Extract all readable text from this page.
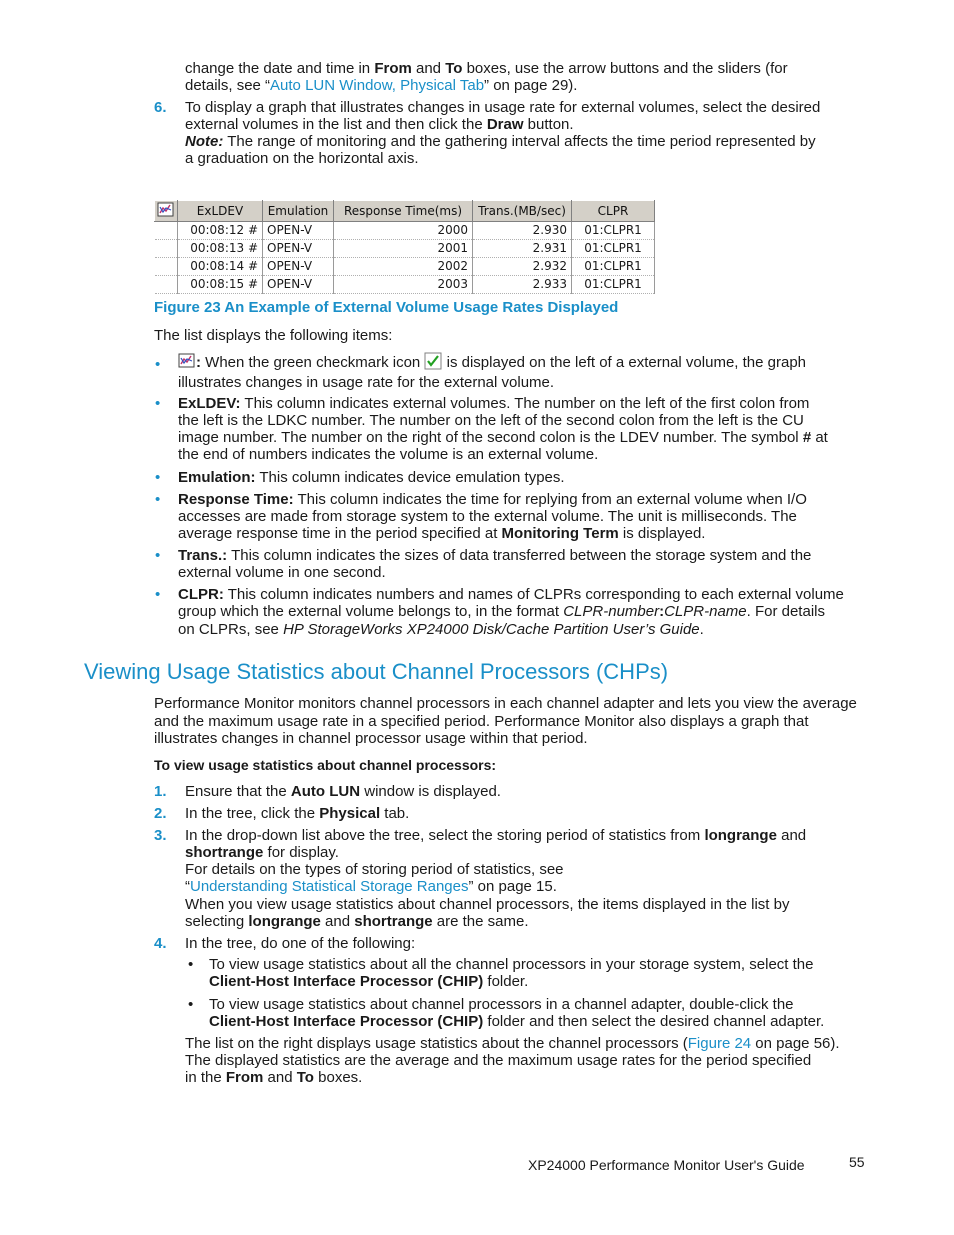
change the date and time in From and To boxes, use the arrow buttons and the sliders (for
details, see “Auto LUN Window, Physical Tab” on page 29).
6. To display a graph that illustrates changes in usage rate for external volumes, select the desired
external volumes in the list and then click the Draw button.
Note: The range of monitoring and the gathering interval affects the time period represented by
a graduation on the horizontal axis.
	ExLDEV	Emulation	Response Time(ms)	Trans.(MB/sec)	CLPR
	00:08:12 #	OPEN-V	2000	2.930	01:CLPR1
	00:08:13 #	OPEN-V	2001	2.931	01:CLPR1
	00:08:14 #	OPEN-V	2002	2.932	01:CLPR1
	00:08:15 #	OPEN-V	2003	2.933	01:CLPR1
Figure 23 An Example of External Volume Usage Rates Displayed
The list displays the following items:
•	: When the green checkmark icon  is displayed on the left of a external volume, the graph
illustrates changes in usage rate for the external volume.
• ExLDEV: This column indicates external volumes. The number on the left of the first colon from
the left is the LDKC number. The number on the left of the second colon from the left is the CU
image number. The number on the right of the second colon is the LDEV number. The symbol # at
the end of numbers indicates the volume is an external volume.
• Emulation: This column indicates device emulation types.
• Response Time: This column indicates the time for replying from an external volume when I/O
accesses are made from storage system to the external volume. The unit is milliseconds. The
average response time in the period specified at Monitoring Term is displayed.
• Trans.: This column indicates the sizes of data transferred between the storage system and the
external volume in one second.
• CLPR: This column indicates numbers and names of CLPRs corresponding to each external volume
group which the external volume belongs to, in the format CLPR-number:CLPR-name. For details
on CLPRs, see HP StorageWorks XP24000 Disk/Cache Partition User’s Guide.
Viewing Usage Statistics about Channel Processors (CHPs)
Performance Monitor monitors channel processors in each channel adapter and lets you view the average
and the maximum usage rate in a specified period. Performance Monitor also displays a graph that
illustrates changes in channel processor usage within that period.
To view usage statistics about channel processors:
1. Ensure that the Auto LUN window is displayed.
2. In the tree, click the Physical tab.
3. In the drop-down list above the tree, select the storing period of statistics from longrange and
shortrange for display.
For details on the types of storing period of statistics, see
“Understanding Statistical Storage Ranges” on page 15.
When you view usage statistics about channel processors, the items displayed in the list by
selecting longrange and shortrange are the same.
4. In the tree, do one of the following:
• To view usage statistics about all the channel processors in your storage system, select the
Client-Host Interface Processor (CHIP) folder.
• To view usage statistics about channel processors in a channel adapter, double-click the
Client-Host Interface Processor (CHIP) folder and then select the desired channel adapter.
The list on the right displays usage statistics about the channel processors (Figure 24 on page 56).
The displayed statistics are the average and the maximum usage rates for the period specified
in the From and To boxes.
XP24000 Performance Monitor User's Guide	55
